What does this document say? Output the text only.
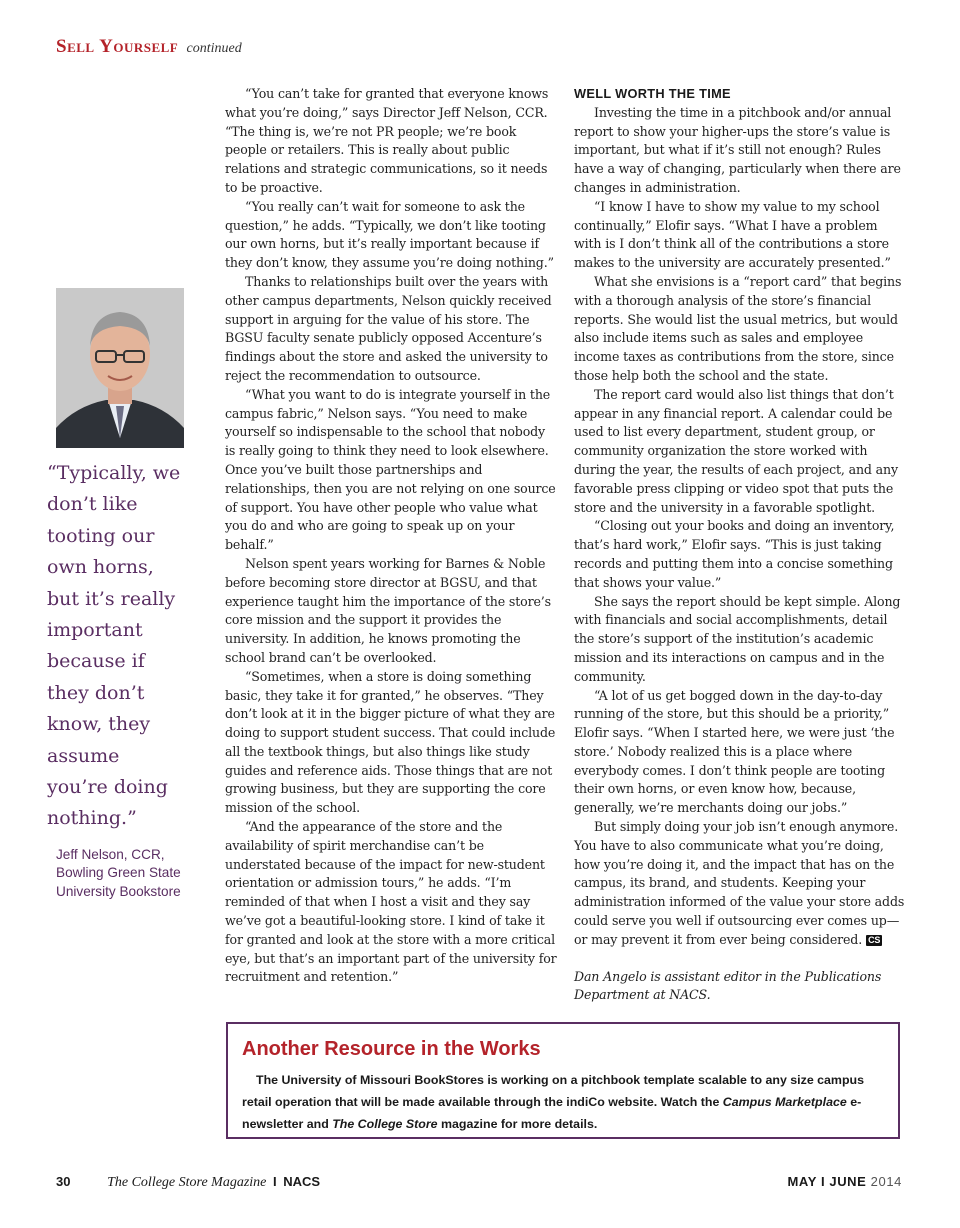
Sell Yourself continued
“Typically, we
don’t like
tooting our
own horns,
but it’s really
important
because if
they don’t
know, they
assume
you’re doing
nothing.”
Jeff Nelson, CCR,
Bowling Green State
University Bookstore

“You can’t take for granted that everyone knows what you’re doing,” says Director Jeff Nelson, CCR. “The thing is, we’re not PR people; we’re book people or retailers. This is really about public relations and strategic communications, so it needs to be proactive.

“You really can’t wait for someone to ask the question,” he adds. “Typically, we don’t like tooting our own horns, but it’s really important because if they don’t know, they assume you’re doing nothing.”

Thanks to relationships built over the years with other campus departments, Nelson quickly received support in arguing for the value of his store. The BGSU faculty senate publicly opposed Accenture’s findings about the store and asked the university to reject the recommendation to outsource.

“What you want to do is integrate yourself in the campus fabric,” Nelson says. “You need to make yourself so indispensable to the school that nobody is really going to think they need to look elsewhere. Once you’ve built those partnerships and relationships, then you are not relying on one source of support. You have other people who value what you do and who are going to speak up on your behalf.”

Nelson spent years working for Barnes & Noble before becoming store director at BGSU, and that experience taught him the importance of the store’s core mission and the support it provides the university. In addition, he knows promoting the school brand can’t be overlooked.

“Sometimes, when a store is doing something basic, they take it for granted,” he observes. “They don’t look at it in the bigger picture of what they are doing to support student success. That could include all the textbook things, but also things like study guides and reference aids. Those things that are not growing business, but they are supporting the core mission of the school.

“And the appearance of the store and the availability of spirit merchandise can’t be understated because of the impact for new-student orientation or admission tours,” he adds. “I’m reminded of that when I host a visit and they say we’ve got a beautiful-looking store. I kind of take it for granted and look at the store with a more critical eye, but that’s an important part of the university for recruitment and retention.”

WELL WORTH THE TIME

Investing the time in a pitchbook and/or annual report to show your higher-ups the store’s value is important, but what if it’s still not enough? Rules have a way of changing, particularly when there are changes in administration.

“I know I have to show my value to my school continually,” Elofir says. “What I have a problem with is I don’t think all of the contributions a store makes to the university are accurately presented.”

What she envisions is a “report card” that begins with a thorough analysis of the store’s financial reports. She would list the usual metrics, but would also include items such as sales and employee income taxes as contributions from the store, since those help both the school and the state.

The report card would also list things that don’t appear in any financial report. A calendar could be used to list every department, student group, or community organization the store worked with during the year, the results of each project, and any favorable press clipping or video spot that puts the store and the university in a favorable spotlight.

“Closing out your books and doing an inventory, that’s hard work,” Elofir says. “This is just taking records and putting them into a concise something that shows your value.”

She says the report should be kept simple. Along with financials and social accomplishments, detail the store’s support of the institution’s academic mission and its interactions on campus and in the community.

“A lot of us get bogged down in the day-to-day running of the store, but this should be a priority,” Elofir says. “When I started here, we were just ‘the store.’ Nobody realized this is a place where everybody comes. I don’t think people are tooting their own horns, or even know how, because, generally, we’re merchants doing our jobs.”

But simply doing your job isn’t enough anymore. You have to also communicate what you’re doing, how you’re doing it, and the impact that has on the campus, its brand, and students. Keeping your administration informed of the value your store adds could serve you well if outsourcing ever comes up—or may prevent it from ever being considered. CS

Dan Angelo is assistant editor in the Publications Department at NACS.

Another Resource in the Works

The University of Missouri BookStores is working on a pitchbook template scalable to any size campus retail operation that will be made available through the indiCo website. Watch the Campus Marketplace e-newsletter and The College Store magazine for more details.

30	The College Store Magazine I NACS	MAY I JUNE 2014
